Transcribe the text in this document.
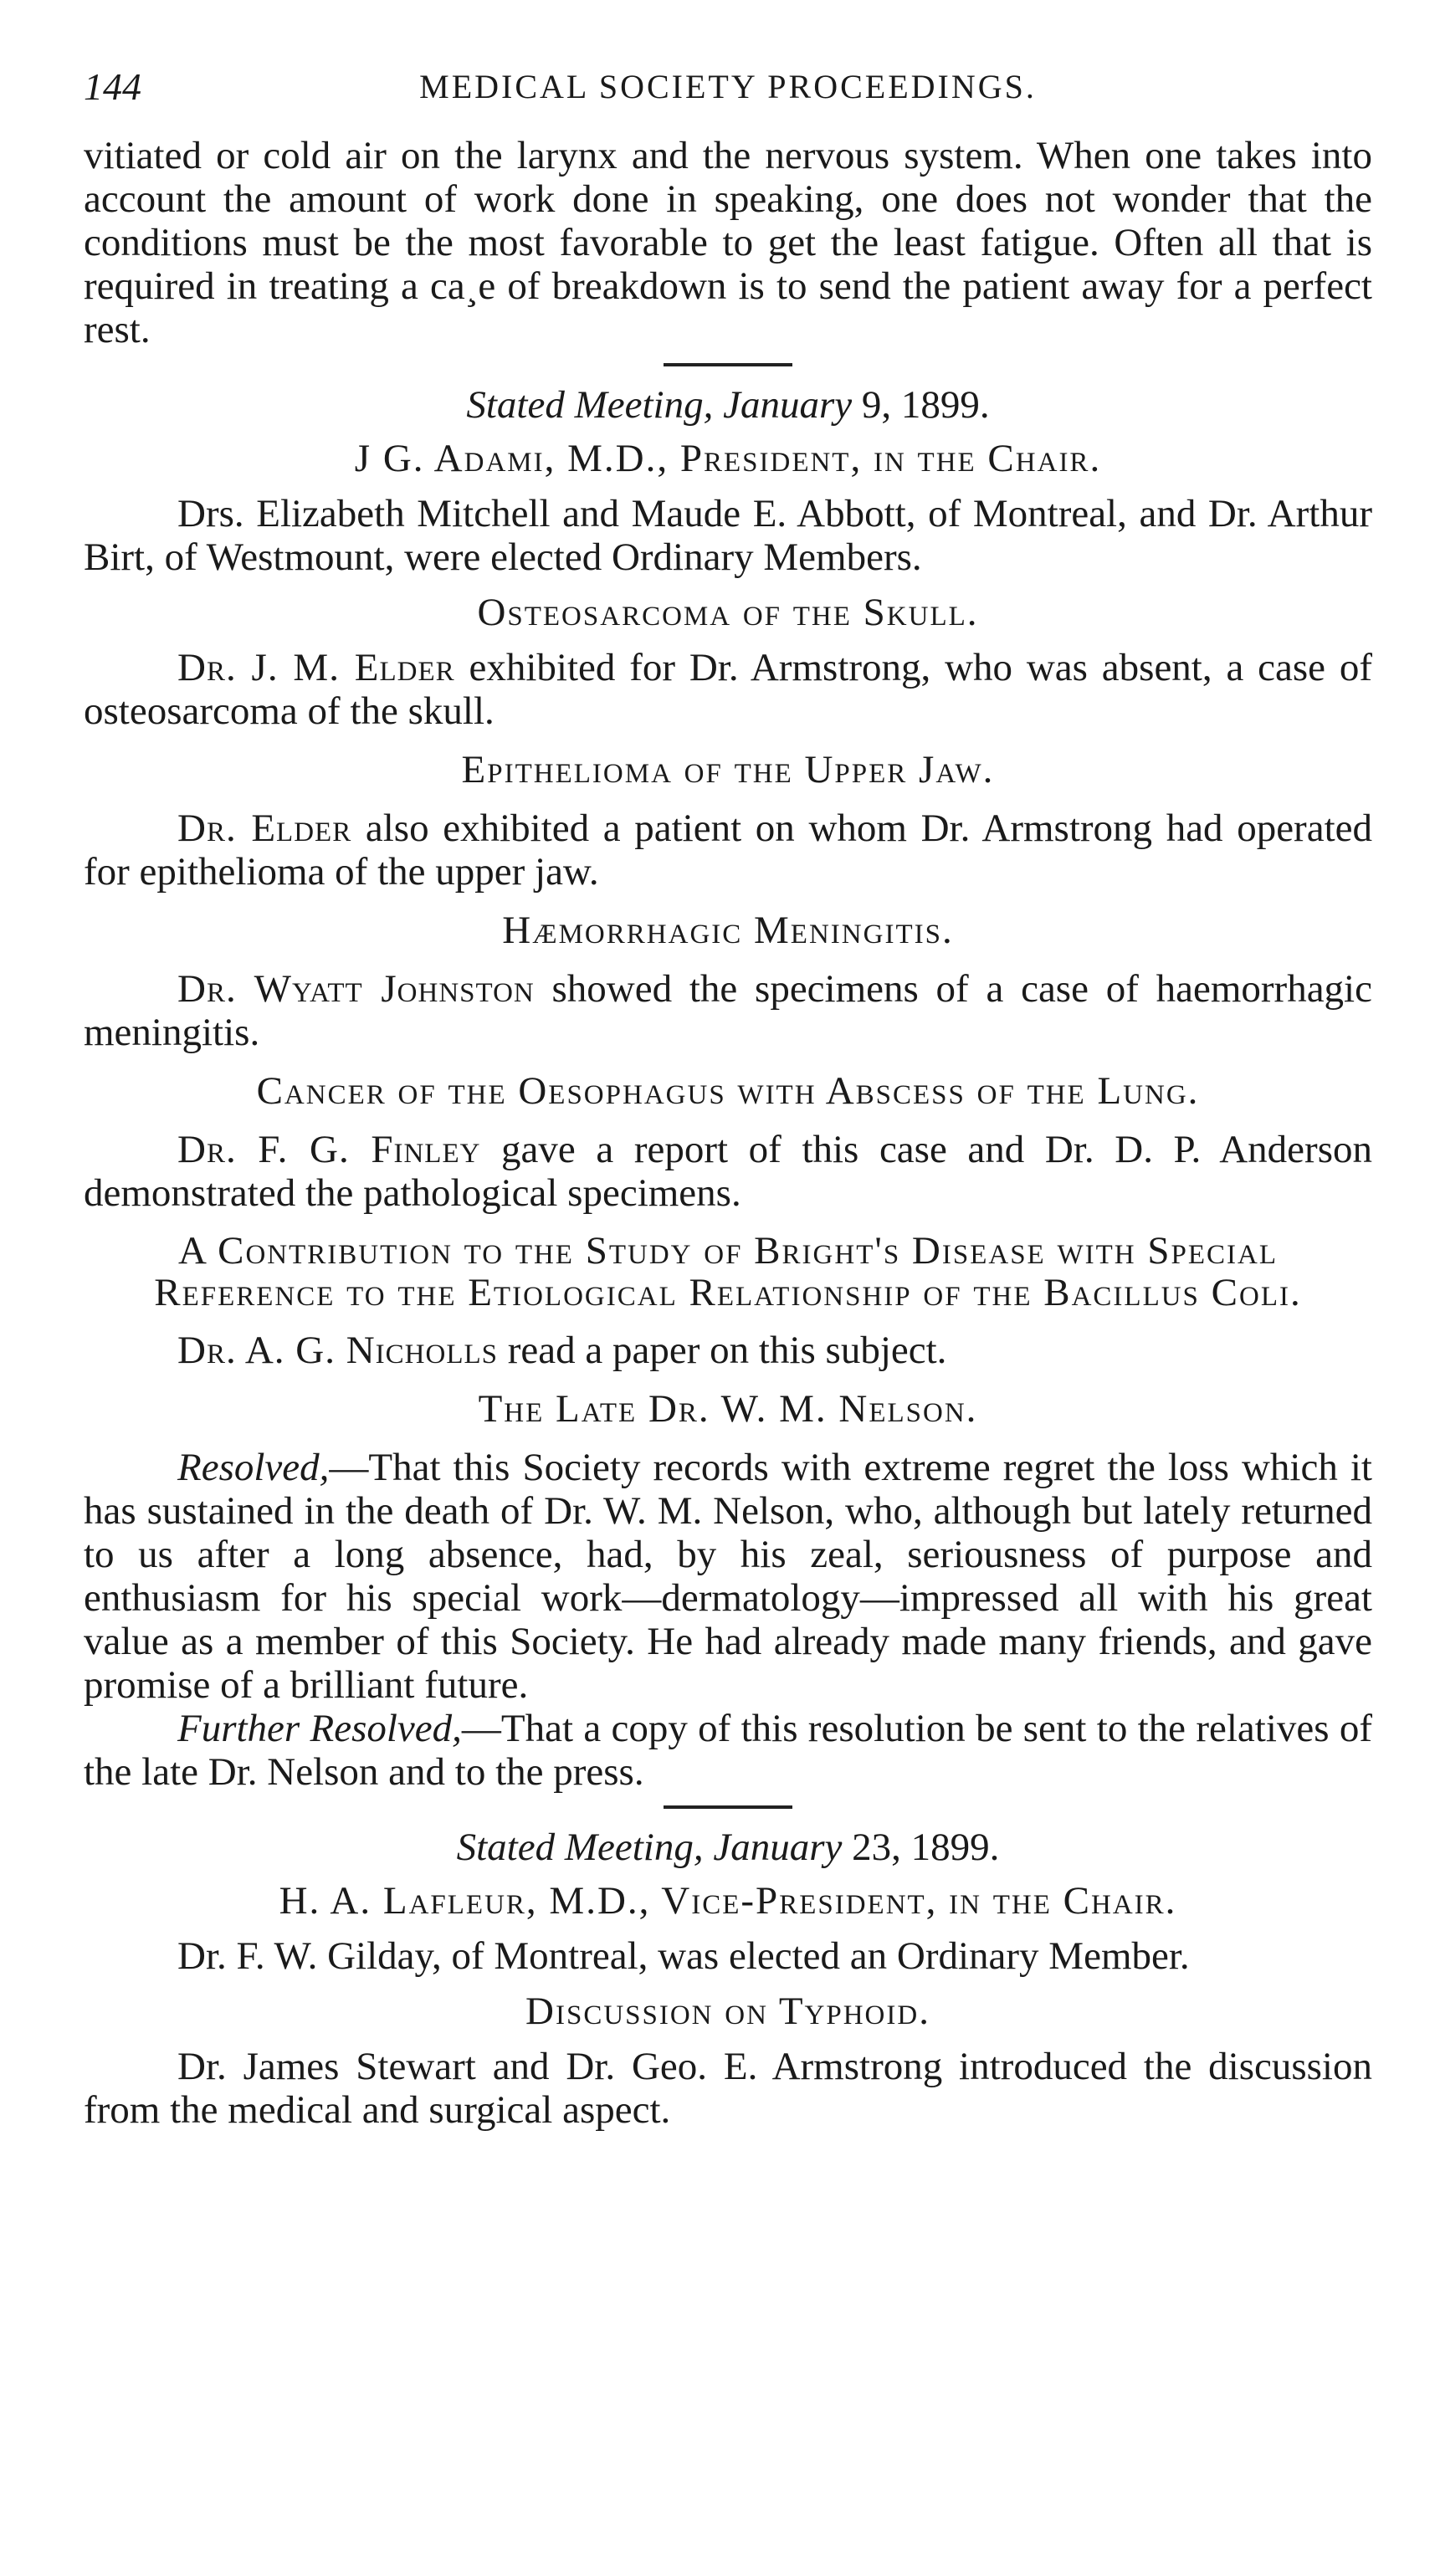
144	MEDICAL SOCIETY PROCEEDINGS.

vitiated or cold air on the larynx and the nervous system. When one takes into account the amount of work done in speaking, one does not wonder that the conditions must be the most favorable to get the least fatigue. Often all that is required in treating a ca¸e of breakdown is to send the patient away for a perfect rest.

Stated Meeting, January 9, 1899.
J G. Adami, M.D., President, in the Chair.

Drs. Elizabeth Mitchell and Maude E. Abbott, of Montreal, and Dr. Arthur Birt, of Westmount, were elected Ordinary Members.

Osteosarcoma of the Skull.

Dr. J. M. Elder exhibited for Dr. Armstrong, who was absent, a case of osteosarcoma of the skull.

Epithelioma of the Upper Jaw.

Dr. Elder also exhibited a patient on whom Dr. Armstrong had operated for epithelioma of the upper jaw.

Hæmorrhagic Meningitis.

Dr. Wyatt Johnston showed the specimens of a case of haemorrhagic meningitis.

Cancer of the Oesophagus with Abscess of the Lung.

Dr. F. G. Finley gave a report of this case and Dr. D. P. Anderson demonstrated the pathological specimens.

A Contribution to the Study of Bright's Disease with Special Reference to the Etiological Relationship of the Bacillus Coli.

Dr. A. G. Nicholls read a paper on this subject.

The Late Dr. W. M. Nelson.

Resolved,—That this Society records with extreme regret the loss which it has sustained in the death of Dr. W. M. Nelson, who, although but lately returned to us after a long absence, had, by his zeal, seriousness of purpose and enthusiasm for his special work—dermatology—impressed all with his great value as a member of this Society. He had already made many friends, and gave promise of a brilliant future.

Further Resolved,—That a copy of this resolution be sent to the relatives of the late Dr. Nelson and to the press.

Stated Meeting, January 23, 1899.
H. A. Lafleur, M.D., Vice-President, in the Chair.

Dr. F. W. Gilday, of Montreal, was elected an Ordinary Member.

Discussion on Typhoid.

Dr. James Stewart and Dr. Geo. E. Armstrong introduced the discussion from the medical and surgical aspect.
